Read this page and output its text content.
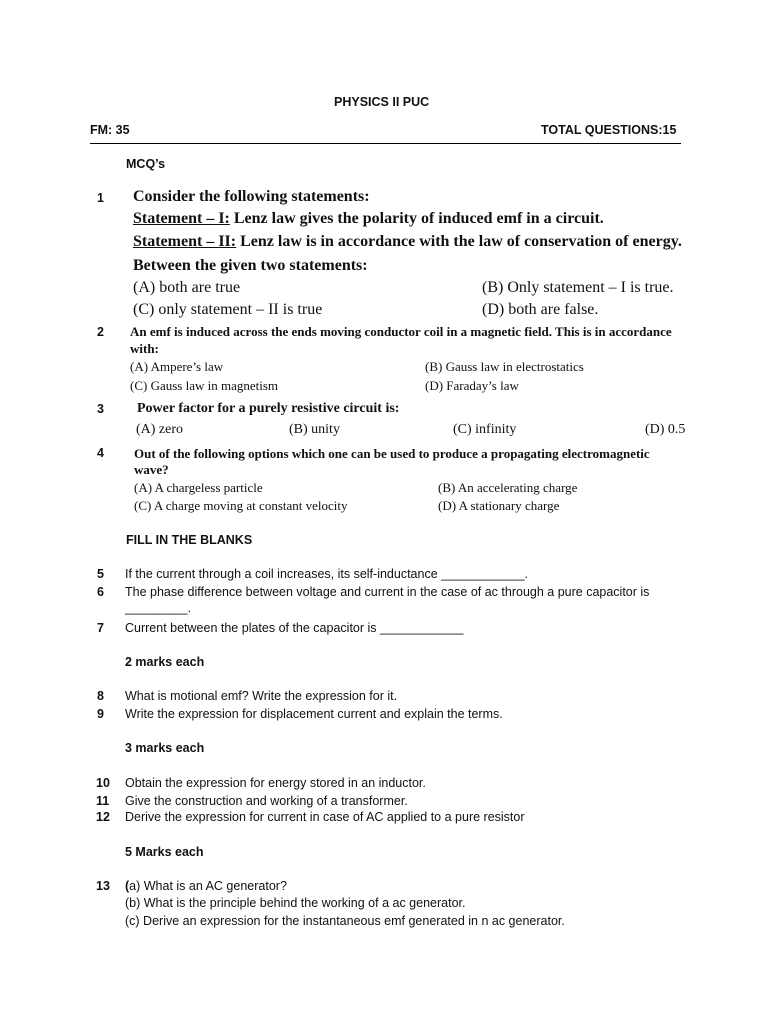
PHYSICS II PUC
FM: 35	TOTAL QUESTIONS:15
MCQ’s
1 Consider the following statements:
Statement – I: Lenz law gives the polarity of induced emf in a circuit.
Statement – II: Lenz law is in accordance with the law of conservation of energy.
Between the given two statements:
(A) both are true	(B) Only statement – I is true.
(C) only statement – II is true	(D) both are false.
2 An emf is induced across the ends moving conductor coil in a magnetic field. This is in accordance
with:
(A) Ampere’s law	(B) Gauss law in electrostatics
(C) Gauss law in magnetism	(D) Faraday’s law
3 Power factor for a purely resistive circuit is:
(A) zero	(B) unity	(C) infinity	(D) 0.5
4 Out of the following options which one can be used to produce a propagating electromagnetic
wave?
(A) A chargeless particle	(B) An accelerating charge
(C) A charge moving at constant velocity	(D) A stationary charge
FILL IN THE BLANKS
5 If the current through a coil increases, its self-inductance ____________.
6 The phase difference between voltage and current in the case of ac through a pure capacitor is
_________.
7 Current between the plates of the capacitor is ____________
2 marks each
8 What is motional emf? Write the expression for it.
9 Write the expression for displacement current and explain the terms.
3 marks each
10 Obtain the expression for energy stored in an inductor.
11 Give the construction and working of a transformer.
12 Derive the expression for current in case of AC applied to a pure resistor
5 Marks each
13 (a) What is an AC generator?
(b) What is the principle behind the working of a ac generator.
(c) Derive an expression for the instantaneous emf generated in n ac generator.
